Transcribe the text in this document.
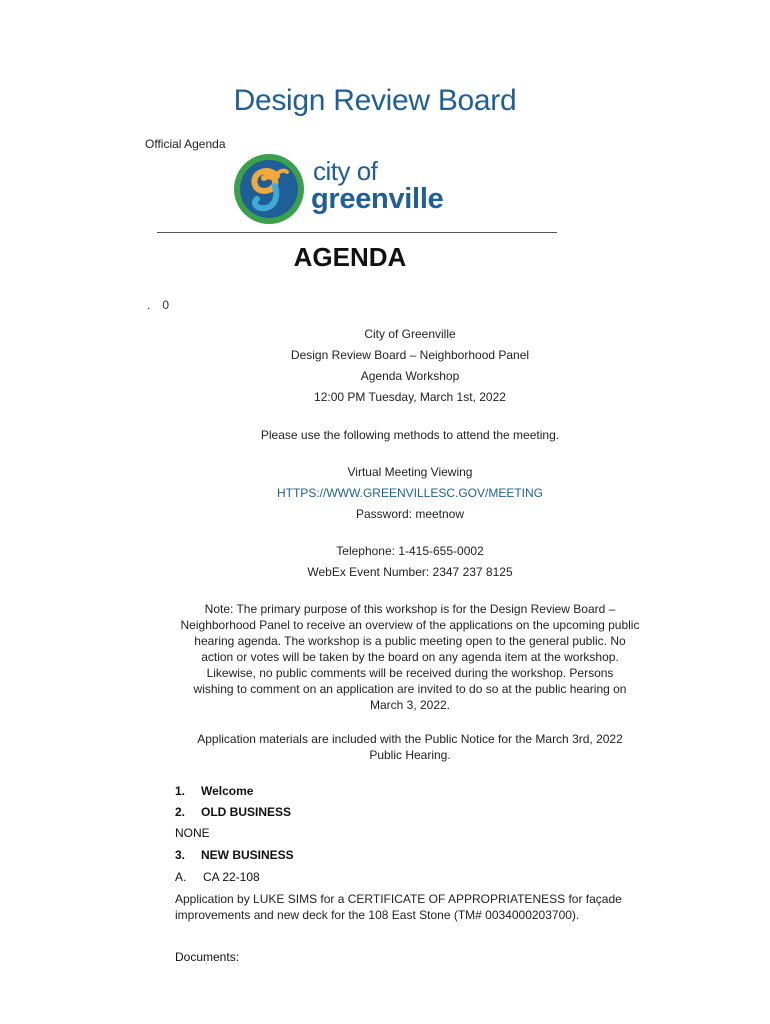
Design Review Board
Official Agenda
city of
greenville
AGENDA
. 0
City of Greenville
Design Review Board – Neighborhood Panel
Agenda Workshop
12:00 PM Tuesday, March 1st, 2022
Please use the following methods to attend the meeting.
Virtual Meeting Viewing
HTTPS://WWW.GREENVILLESC.GOV/MEETING
Password: meetnow
Telephone: 1-415-655-0002
WebEx Event Number: 2347 237 8125
Note: The primary purpose of this workshop is for the Design Review Board –
Neighborhood Panel to receive an overview of the applications on the upcoming public
hearing agenda. The workshop is a public meeting open to the general public. No
action or votes will be taken by the board on any agenda item at the workshop.
Likewise, no public comments will be received during the workshop. Persons
wishing to comment on an application are invited to do so at the public hearing on
March 3, 2022.
Application materials are included with the Public Notice for the March 3rd, 2022
Public Hearing.
1. Welcome
2. OLD BUSINESS
NONE
3. NEW BUSINESS
A. CA 22-108
Application by LUKE SIMS for a CERTIFICATE OF APPROPRIATENESS for façade
improvements and new deck for the 108 East Stone (TM# 0034000203700).
Documents:
